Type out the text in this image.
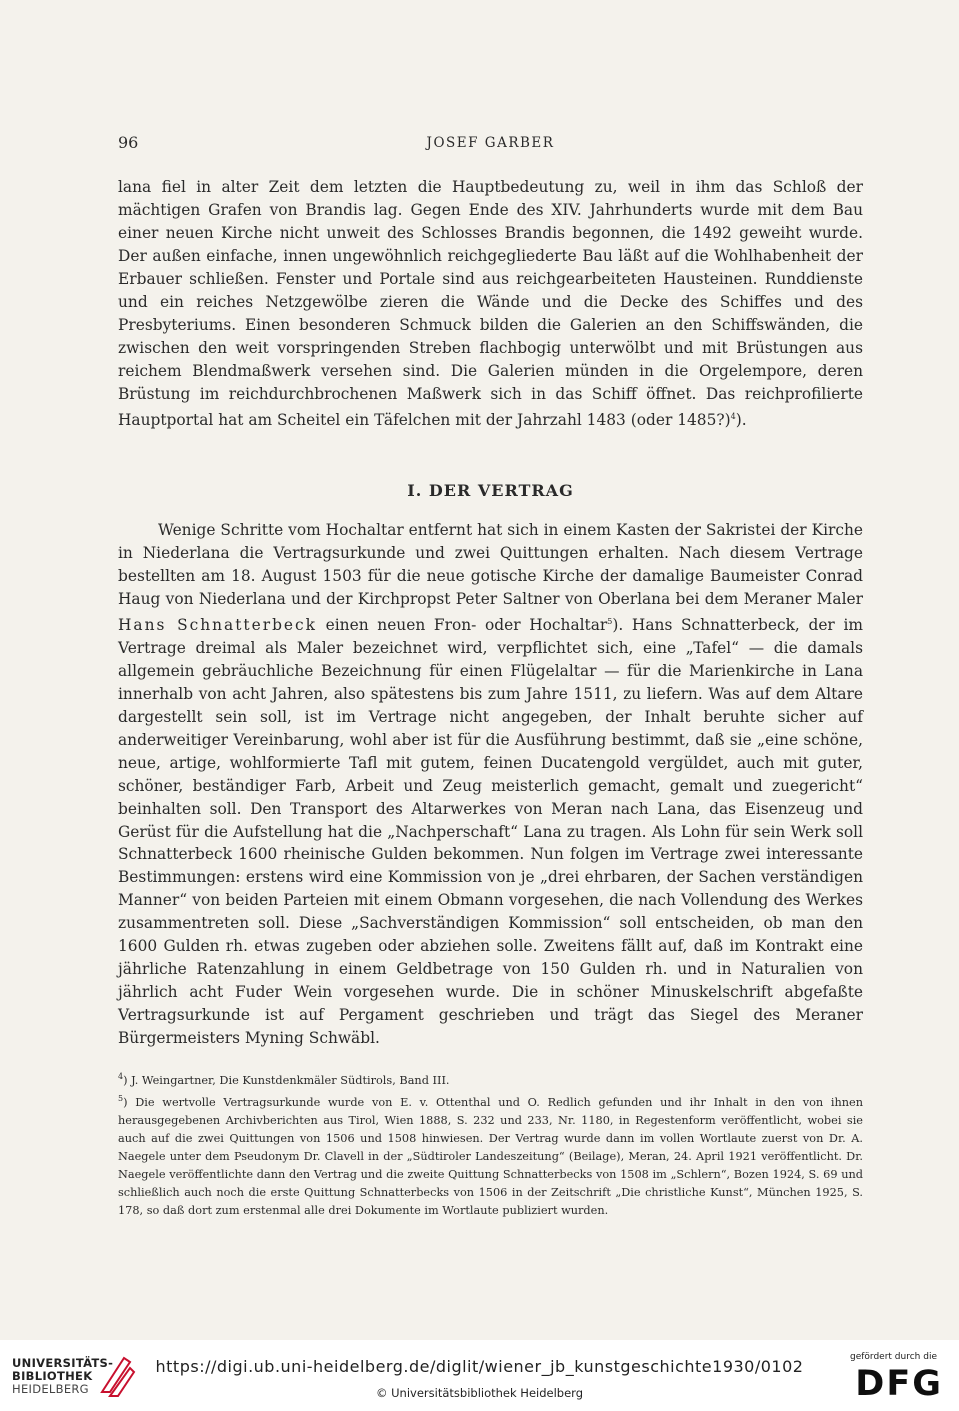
96	JOSEF GARBER

lana fiel in alter Zeit dem letzten die Hauptbedeutung zu, weil in ihm das Schloß der mächtigen Grafen von Brandis lag. Gegen Ende des XIV. Jahrhunderts wurde mit dem Bau einer neuen Kirche nicht unweit des Schlosses Brandis begonnen, die 1492 geweiht wurde. Der außen einfache, innen ungewöhnlich reichgegliederte Bau läßt auf die Wohlhabenheit der Erbauer schließen. Fenster und Portale sind aus reichgearbeiteten Hausteinen. Runddienste und ein reiches Netzgewölbe zieren die Wände und die Decke des Schiffes und des Presbyteriums. Einen besonderen Schmuck bilden die Galerien an den Schiffswänden, die zwischen den weit vorspringenden Streben flachbogig unterwölbt und mit Brüstungen aus reichem Blendmaßwerk versehen sind. Die Galerien münden in die Orgelempore, deren Brüstung im reichdurchbrochenen Maßwerk sich in das Schiff öffnet. Das reichprofilierte Hauptportal hat am Scheitel ein Täfelchen mit der Jahrzahl 1483 (oder 1485?)$^4$).

I. DER VERTRAG

Wenige Schritte vom Hochaltar entfernt hat sich in einem Kasten der Sakristei der Kirche in Niederlana die Vertragsurkunde und zwei Quittungen erhalten. Nach diesem Vertrage bestellten am 18. August 1503 für die neue gotische Kirche der damalige Baumeister Conrad Haug von Niederlana und der Kirchpropst Peter Saltner von Oberlana bei dem Meraner Maler Hans Schnatterbeck einen neuen Fron- oder Hochaltar$^5$). Hans Schnatterbeck, der im Vertrage dreimal als Maler bezeichnet wird, verpflichtet sich, eine „Tafel“ — die damals allgemein gebräuchliche Bezeichnung für einen Flügelaltar — für die Marienkirche in Lana innerhalb von acht Jahren, also spätestens bis zum Jahre 1511, zu liefern. Was auf dem Altare dargestellt sein soll, ist im Vertrage nicht angegeben, der Inhalt beruhte sicher auf anderweitiger Vereinbarung, wohl aber ist für die Ausführung bestimmt, daß sie „eine schöne, neue, artige, wohlformierte Tafl mit gutem, feinen Ducatengold vergüldet, auch mit guter, schöner, beständiger Farb, Arbeit und Zeug meisterlich gemacht, gemalt und zuegericht“ beinhalten soll. Den Transport des Altarwerkes von Meran nach Lana, das Eisenzeug und Gerüst für die Aufstellung hat die „Nachperschaft“ Lana zu tragen. Als Lohn für sein Werk soll Schnatterbeck 1600 rheinische Gulden bekommen. Nun folgen im Vertrage zwei interessante Bestimmungen: erstens wird eine Kommission von je „drei ehrbaren, der Sachen verständigen Manner“ von beiden Parteien mit einem Obmann vorgesehen, die nach Vollendung des Werkes zusammentreten soll. Diese „Sachverständigen Kommission“ soll entscheiden, ob man den 1600 Gulden rh. etwas zugeben oder abziehen solle. Zweitens fällt auf, daß im Kontrakt eine jährliche Ratenzahlung in einem Geldbetrage von 150 Gulden rh. und in Naturalien von jährlich acht Fuder Wein vorgesehen wurde. Die in schöner Minuskelschrift abgefaßte Vertragsurkunde ist auf Pergament geschrieben und trägt das Siegel des Meraner Bürgermeisters Myning Schwäbl.

$^4$) J. Weingartner, Die Kunstdenkmäler Südtirols, Band III.

$^5$) Die wertvolle Vertragsurkunde wurde von E. v. Ottenthal und O. Redlich gefunden und ihr Inhalt in den von ihnen herausgegebenen Archivberichten aus Tirol, Wien 1888, S. 232 und 233, Nr. 1180, in Regestenform veröffentlicht, wobei sie auch auf die zwei Quittungen von 1506 und 1508 hinwiesen. Der Vertrag wurde dann im vollen Wortlaute zuerst von Dr. A. Naegele unter dem Pseudonym Dr. Clavell in der „Südtiroler Landeszeitung“ (Beilage), Meran, 24. April 1921 veröffentlicht. Dr. Naegele veröffentlichte dann den Vertrag und die zweite Quittung Schnatterbecks von 1508 im „Schlern“, Bozen 1924, S. 69 und schließlich auch noch die erste Quittung Schnatterbecks von 1506 in der Zeitschrift „Die christliche Kunst“, München 1925, S. 178, so daß dort zum erstenmal alle drei Dokumente im Wortlaute publiziert wurden.

UNIVERSITÄTS-
BIBLIOTHEK
HEIDELBERG
https://digi.ub.uni-heidelberg.de/diglit/wiener_jb_kunstgeschichte1930/0102
© Universitätsbibliothek Heidelberg
gefördert durch die
DFG
